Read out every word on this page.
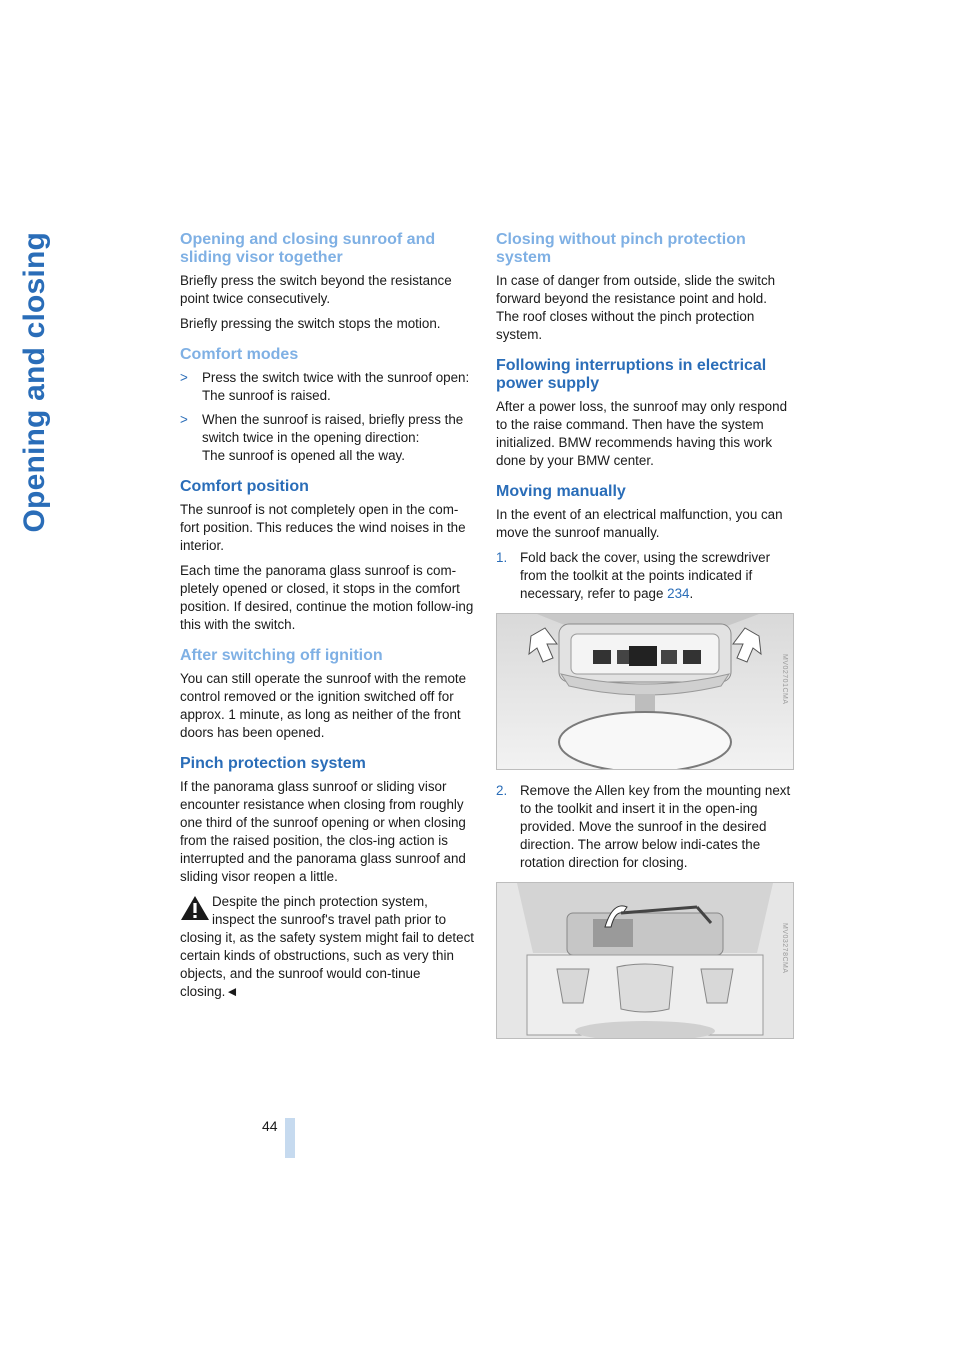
Opening and closing	Opening and closing sunroof and
sliding visor together

Briefly press the switch beyond the resistance point twice consecutively.

Briefly pressing the switch stops the motion.

Comfort modes
>	Press the switch twice with the sunroof open:
The sunroof is raised.
>	When the sunroof is raised, briefly press the switch twice in the opening direction:
The sunroof is opened all the way.
Comfort position

The sunroof is not completely open in the com-fort position. This reduces the wind noises in the interior.

Each time the panorama glass sunroof is com-pletely opened or closed, it stops in the comfort position. If desired, continue the motion follow-ing this with the switch.

After switching off ignition

You can still operate the sunroof with the remote control removed or the ignition switched off for approx. 1 minute, as long as neither of the front doors has been opened.

Pinch protection system

If the panorama glass sunroof or sliding visor encounter resistance when closing from roughly one third of the sunroof opening or when closing from the raised position, the clos-ing action is interrupted and the panorama glass sunroof and sliding visor reopen a little.

Despite the pinch protection system,
inspect the sunroof's travel path prior to
closing it, as the safety system might fail to detect certain kinds of obstructions, such as very thin objects, and the sunroof would con-tinue closing.◄
Closing without pinch protection
system

In case of danger from outside, slide the switch forward beyond the resistance point and hold. The roof closes without the pinch protection system.

Following interruptions in electrical
power supply

After a power loss, the sunroof may only respond to the raise command. Then have the system initialized. BMW recommends having this work done by your BMW center.

Moving manually

In the event of an electrical malfunction, you can move the sunroof manually.

1. Fold back the cover, using the screwdriver from the toolkit at the points indicated if necessary, refer to page 234.
MV02701CMA
2. Remove the Allen key from the mounting next to the toolkit and insert it in the open-ing provided. Move the sunroof in the desired direction. The arrow below indi-cates the rotation direction for closing.
MV03278CMA
44
